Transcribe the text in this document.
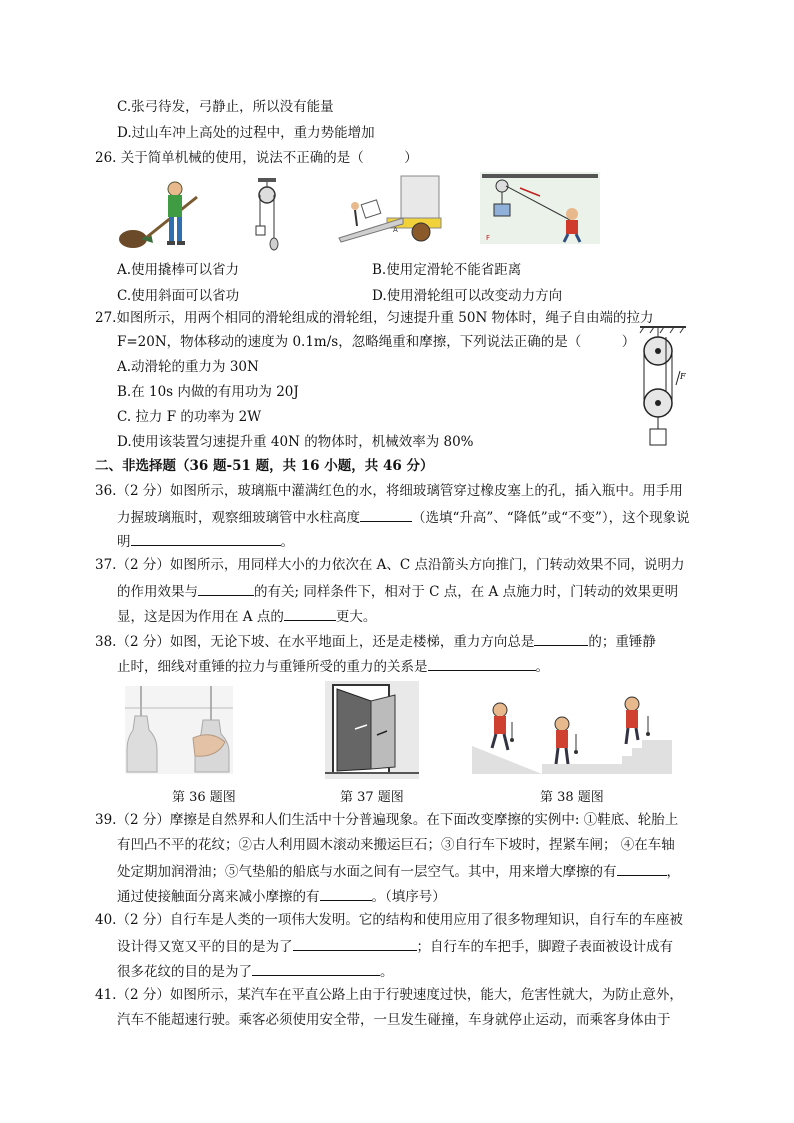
C.张弓待发，弓静止，所以没有能量
D.过山车冲上高处的过程中，重力势能增加
26. 关于简单机械的使用，说法不正确的是（　　　）
A
F
A.使用撬棒可以省力	B.使用定滑轮不能省距离
C.使用斜面可以省功	D.使用滑轮组可以改变动力方向
27.如图所示，用两个相同的滑轮组成的滑轮组，匀速提升重 50N 物体时，绳子自由端的拉力
F=20N，物体移动的速度为 0.1m/s，忽略绳重和摩擦，下列说法正确的是（　　　）
A.动滑轮的重力为 30N
B.在 10s 内做的有用功为 20J
C. 拉力 F 的功率为 2W
D.使用该装置匀速提升重 40N 的物体时，机械效率为 80%
F
二、非选择题（36 题-51 题，共 16 小题，共 46 分）
36.（2 分）如图所示，玻璃瓶中灌满红色的水，将细玻璃管穿过橡皮塞上的孔，插入瓶中。用手用
力握玻璃瓶时，观察细玻璃管中水柱高度	（选填“升高”、“降低”或“不变”），这个现象说
明	。
37.（2 分）如图所示，用同样大小的力依次在 A、C 点沿箭头方向推门，门转动效果不同，说明力
的作用效果与	的有关; 同样条件下，相对于 C 点，在 A 点施力时，门转动的效果更明
显，这是因为作用在 A 点的	更大。
38.（2 分）如图，无论下坡、在水平地面上，还是走楼梯，重力方向总是	的；重锤静
止时，细线对重锤的拉力与重锤所受的重力的关系是	。
第 36 题图	第 37 题图	第 38 题图
39.（2 分）摩擦是自然界和人们生活中十分普遍现象。在下面改变摩擦的实例中: ①鞋底、轮胎上
有凹凸不平的花纹；②古人利用圆木滚动来搬运巨石；③自行车下坡时，捏紧车闸； ④在车轴
处定期加润滑油；⑤气垫船的船底与水面之间有一层空气。其中，用来增大摩擦的有	，
通过使接触面分离来减小摩擦的有	。（填序号）
40.（2 分）自行车是人类的一项伟大发明。它的结构和使用应用了很多物理知识，自行车的车座被
设计得又宽又平的目的是为了	；自行车的车把手，脚蹬子表面被设计成有
很多花纹的目的是为了	。
41.（2 分）如图所示，某汽车在平直公路上由于行驶速度过快，能大，危害性就大，为防止意外，
汽车不能超速行驶。乘客必须使用安全带，一旦发生碰撞，车身就停止运动，而乘客身体由于
